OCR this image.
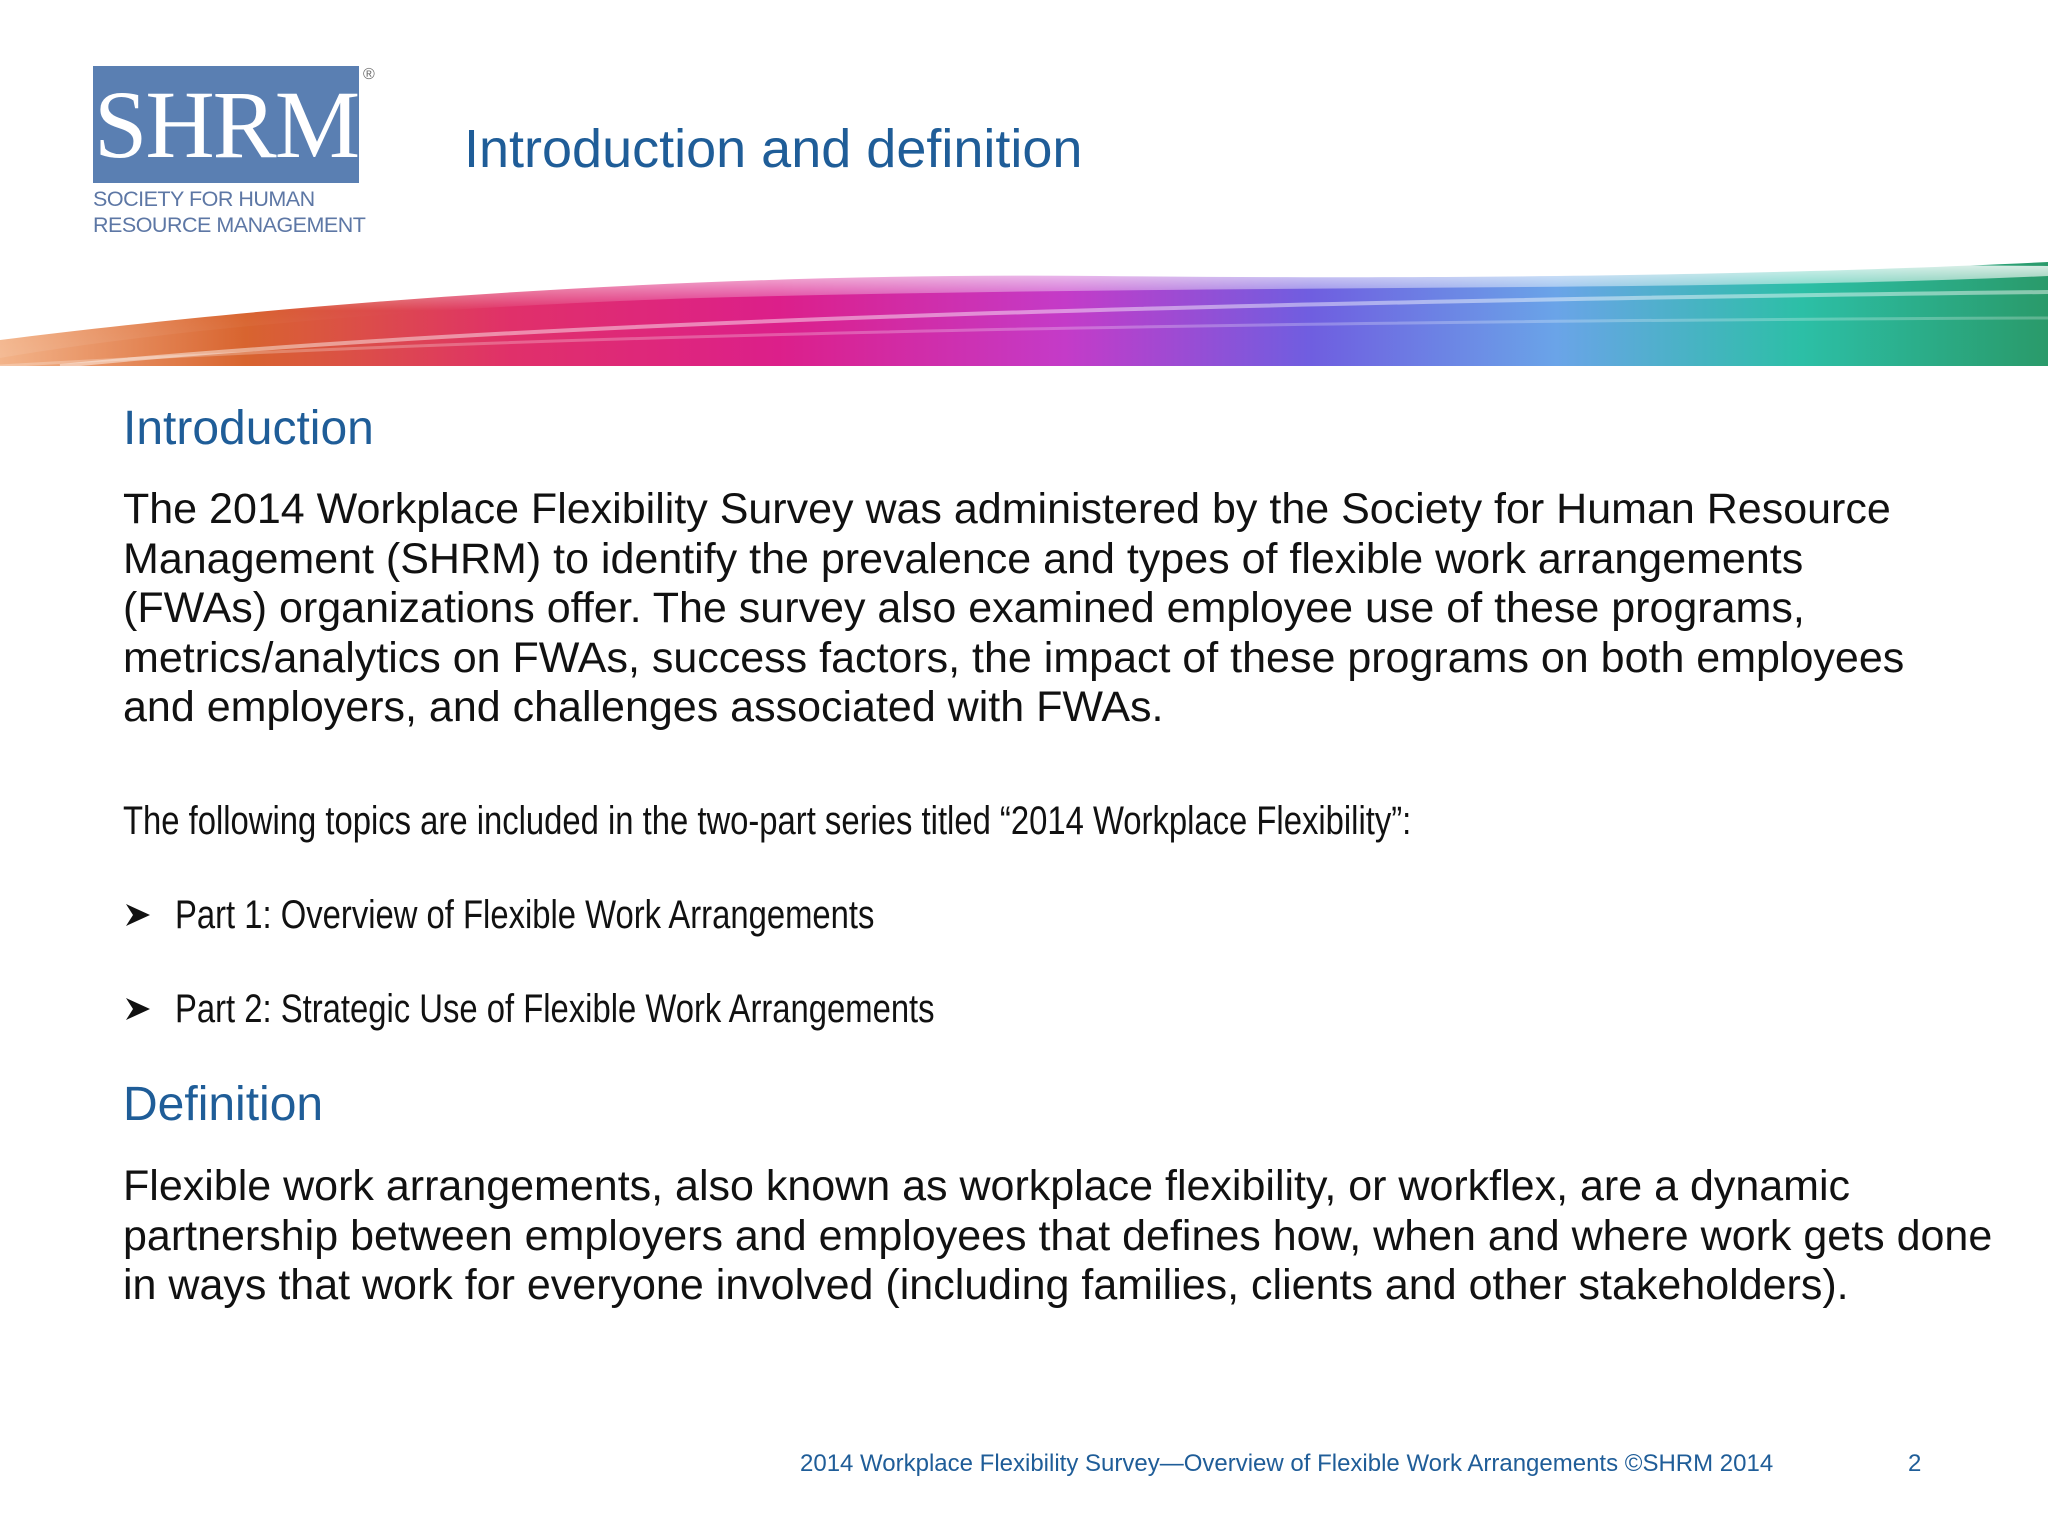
SHRM ®
SOCIETY FOR HUMAN
RESOURCE MANAGEMENT
Introduction and definition
Introduction

The 2014 Workplace Flexibility Survey was administered by the Society for Human Resource Management (SHRM) to identify the prevalence and types of flexible work arrangements (FWAs) organizations offer. The survey also examined employee use of these programs, metrics/analytics on FWAs, success factors, the impact of these programs on both employees and employers, and challenges associated with FWAs.

The following topics are included in the two-part series titled “2014 Workplace Flexibility”:

Part 1: Overview of Flexible Work Arrangements
Part 2: Strategic Use of Flexible Work Arrangements
Definition

Flexible work arrangements, also known as workplace flexibility, or workflex, are a dynamic partnership between employers and employees that defines how, when and where work gets done in ways that work for everyone involved (including families, clients and other stakeholders).

2014 Workplace Flexibility Survey—Overview of Flexible Work Arrangements ©SHRM 2014	2
